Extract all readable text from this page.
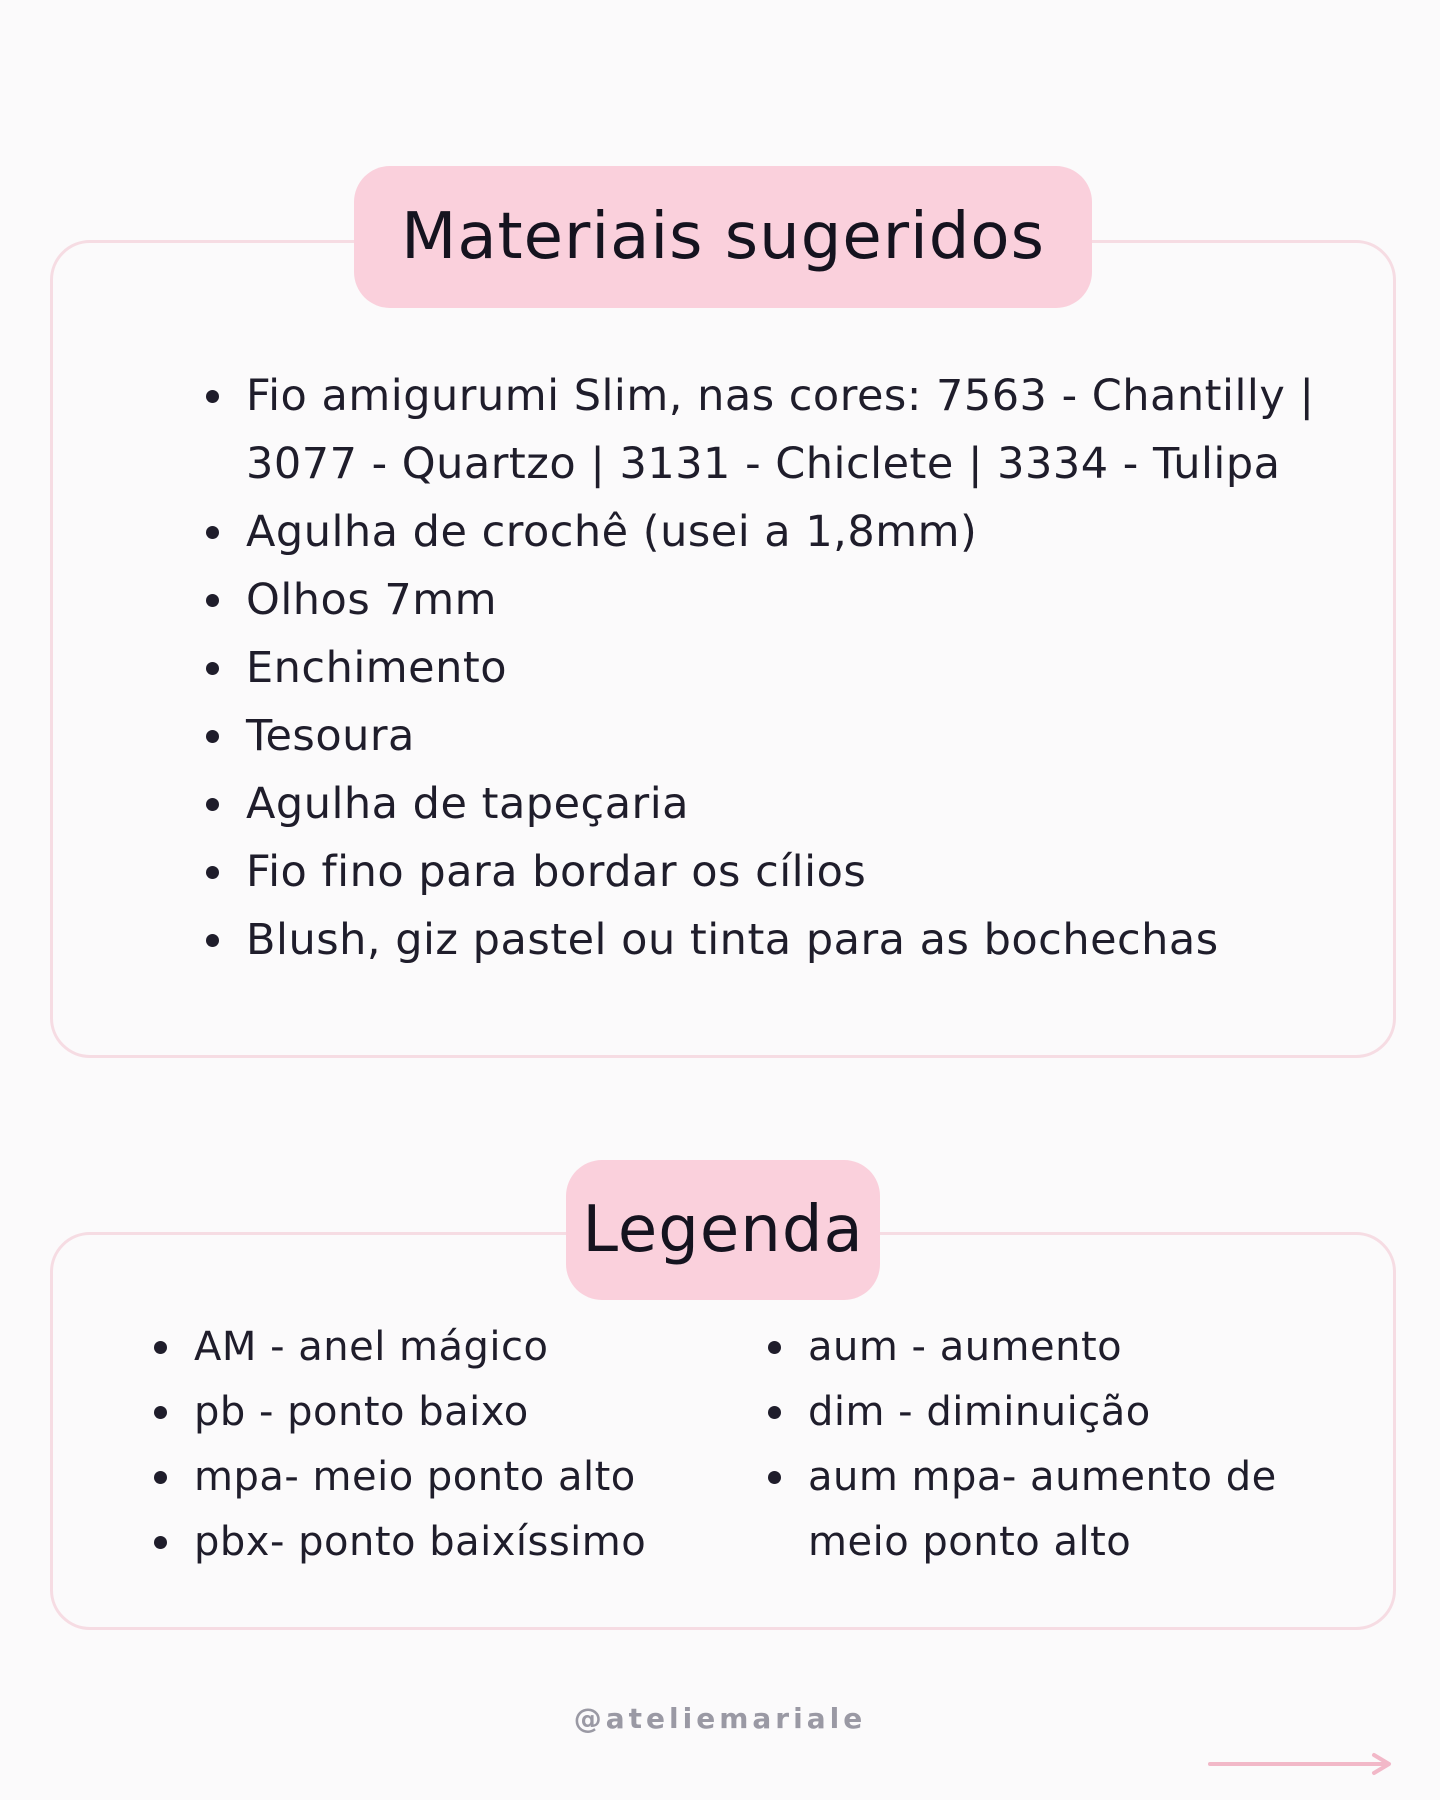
Materiais sugeridos
Fio amigurumi Slim, nas cores: 7563 - Chantilly | 3077 - Quartzo | 3131 - Chiclete | 3334 - Tulipa
Agulha de crochê (usei a 1,8mm)
Olhos 7mm
Enchimento
Tesoura
Agulha de tapeçaria
Fio fino para bordar os cílios
Blush, giz pastel ou tinta para as bochechas
Legenda
AM - anel mágico
pb - ponto baixo
mpa- meio ponto alto
pbx- ponto baixíssimo
aum - aumento
dim - diminuição
aum mpa- aumento de meio ponto alto
@ateliemariale
